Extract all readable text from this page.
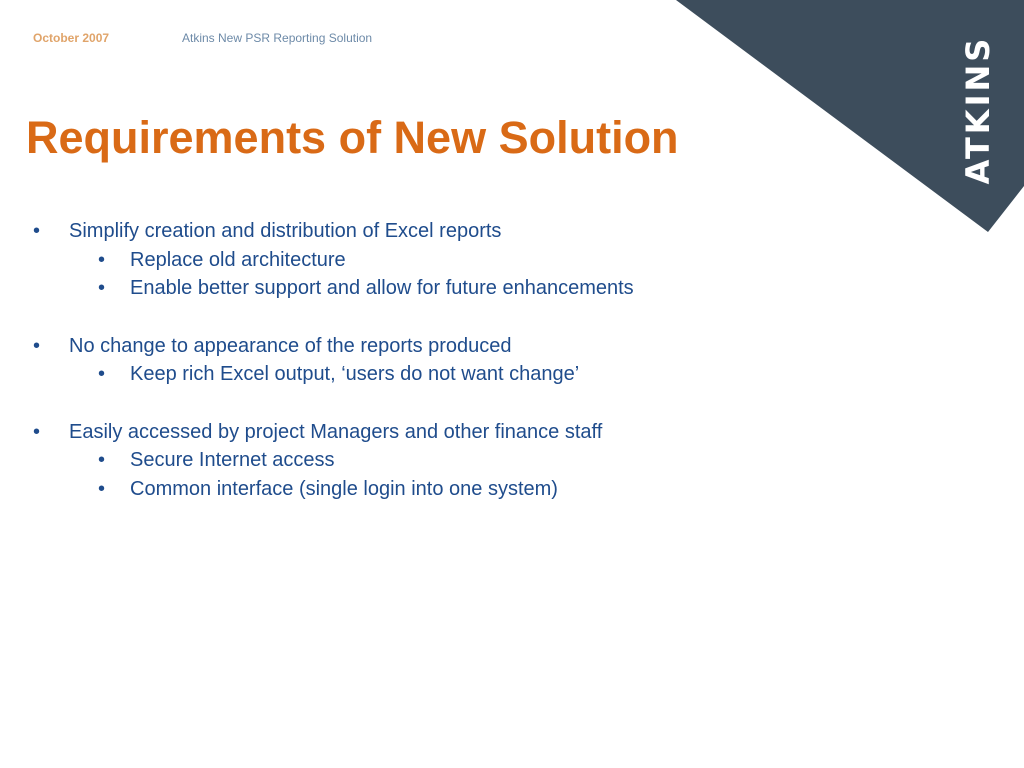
ATKINS
October 2007	Atkins New PSR Reporting Solution
Requirements of New Solution
• Simplify creation and distribution of Excel reports
• Replace old architecture
• Enable better support and allow for future enhancements
• No change to appearance of the reports produced
• Keep rich Excel output, ‘users do not want change’
• Easily accessed by project Managers and other finance staff
• Secure Internet access
• Common interface (single login into one system)
